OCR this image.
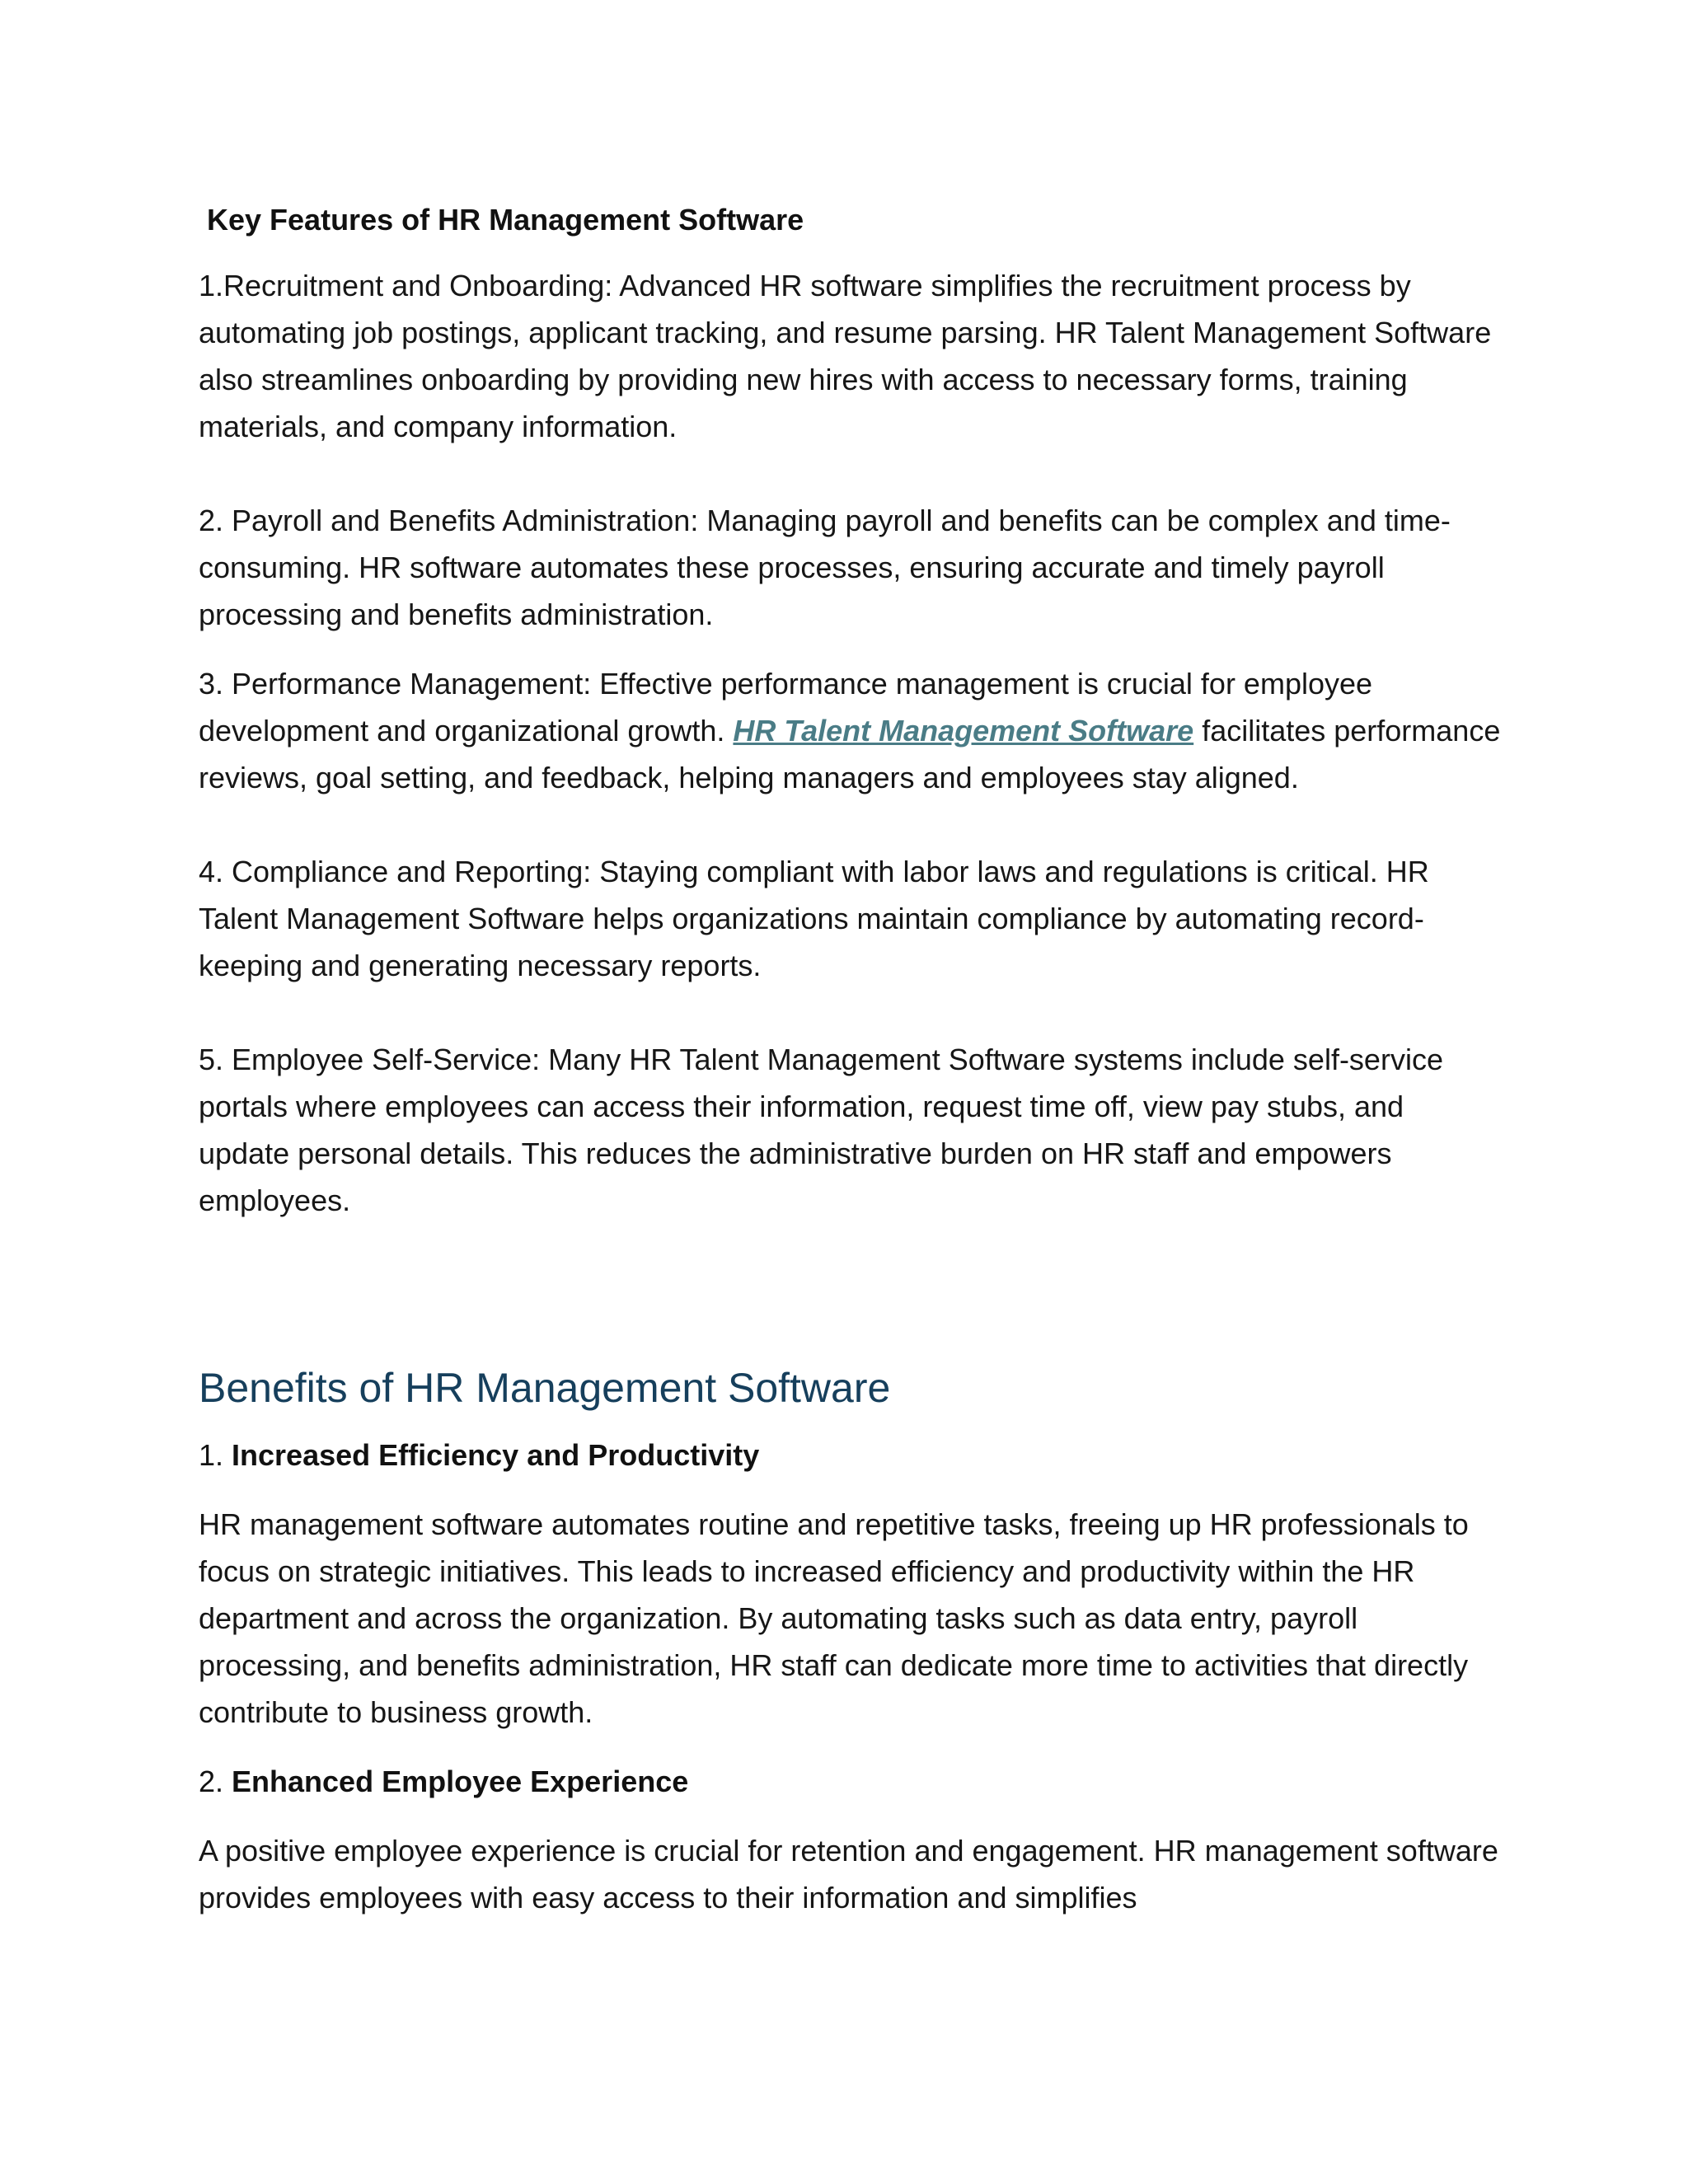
Key Features of HR Management Software

1.Recruitment and Onboarding: Advanced HR software simplifies the recruitment process by automating job postings, applicant tracking, and resume parsing. HR Talent Management Software also streamlines onboarding by providing new hires with access to necessary forms, training materials, and company information.

2. Payroll and Benefits Administration: Managing payroll and benefits can be complex and time-consuming. HR software automates these processes, ensuring accurate and timely payroll processing and benefits administration.

3. Performance Management: Effective performance management is crucial for employee development and organizational growth. HR Talent Management Software facilitates performance reviews, goal setting, and feedback, helping managers and employees stay aligned.

4. Compliance and Reporting: Staying compliant with labor laws and regulations is critical. HR Talent Management Software helps organizations maintain compliance by automating record-keeping and generating necessary reports.

5. Employee Self-Service: Many HR Talent Management Software systems include self-service portals where employees can access their information, request time off, view pay stubs, and update personal details. This reduces the administrative burden on HR staff and empowers employees.

Benefits of HR Management Software
1. Increased Efficiency and Productivity

HR management software automates routine and repetitive tasks, freeing up HR professionals to focus on strategic initiatives. This leads to increased efficiency and productivity within the HR department and across the organization. By automating tasks such as data entry, payroll processing, and benefits administration, HR staff can dedicate more time to activities that directly contribute to business growth.

2. Enhanced Employee Experience

A positive employee experience is crucial for retention and engagement. HR management software provides employees with easy access to their information and simplifies
